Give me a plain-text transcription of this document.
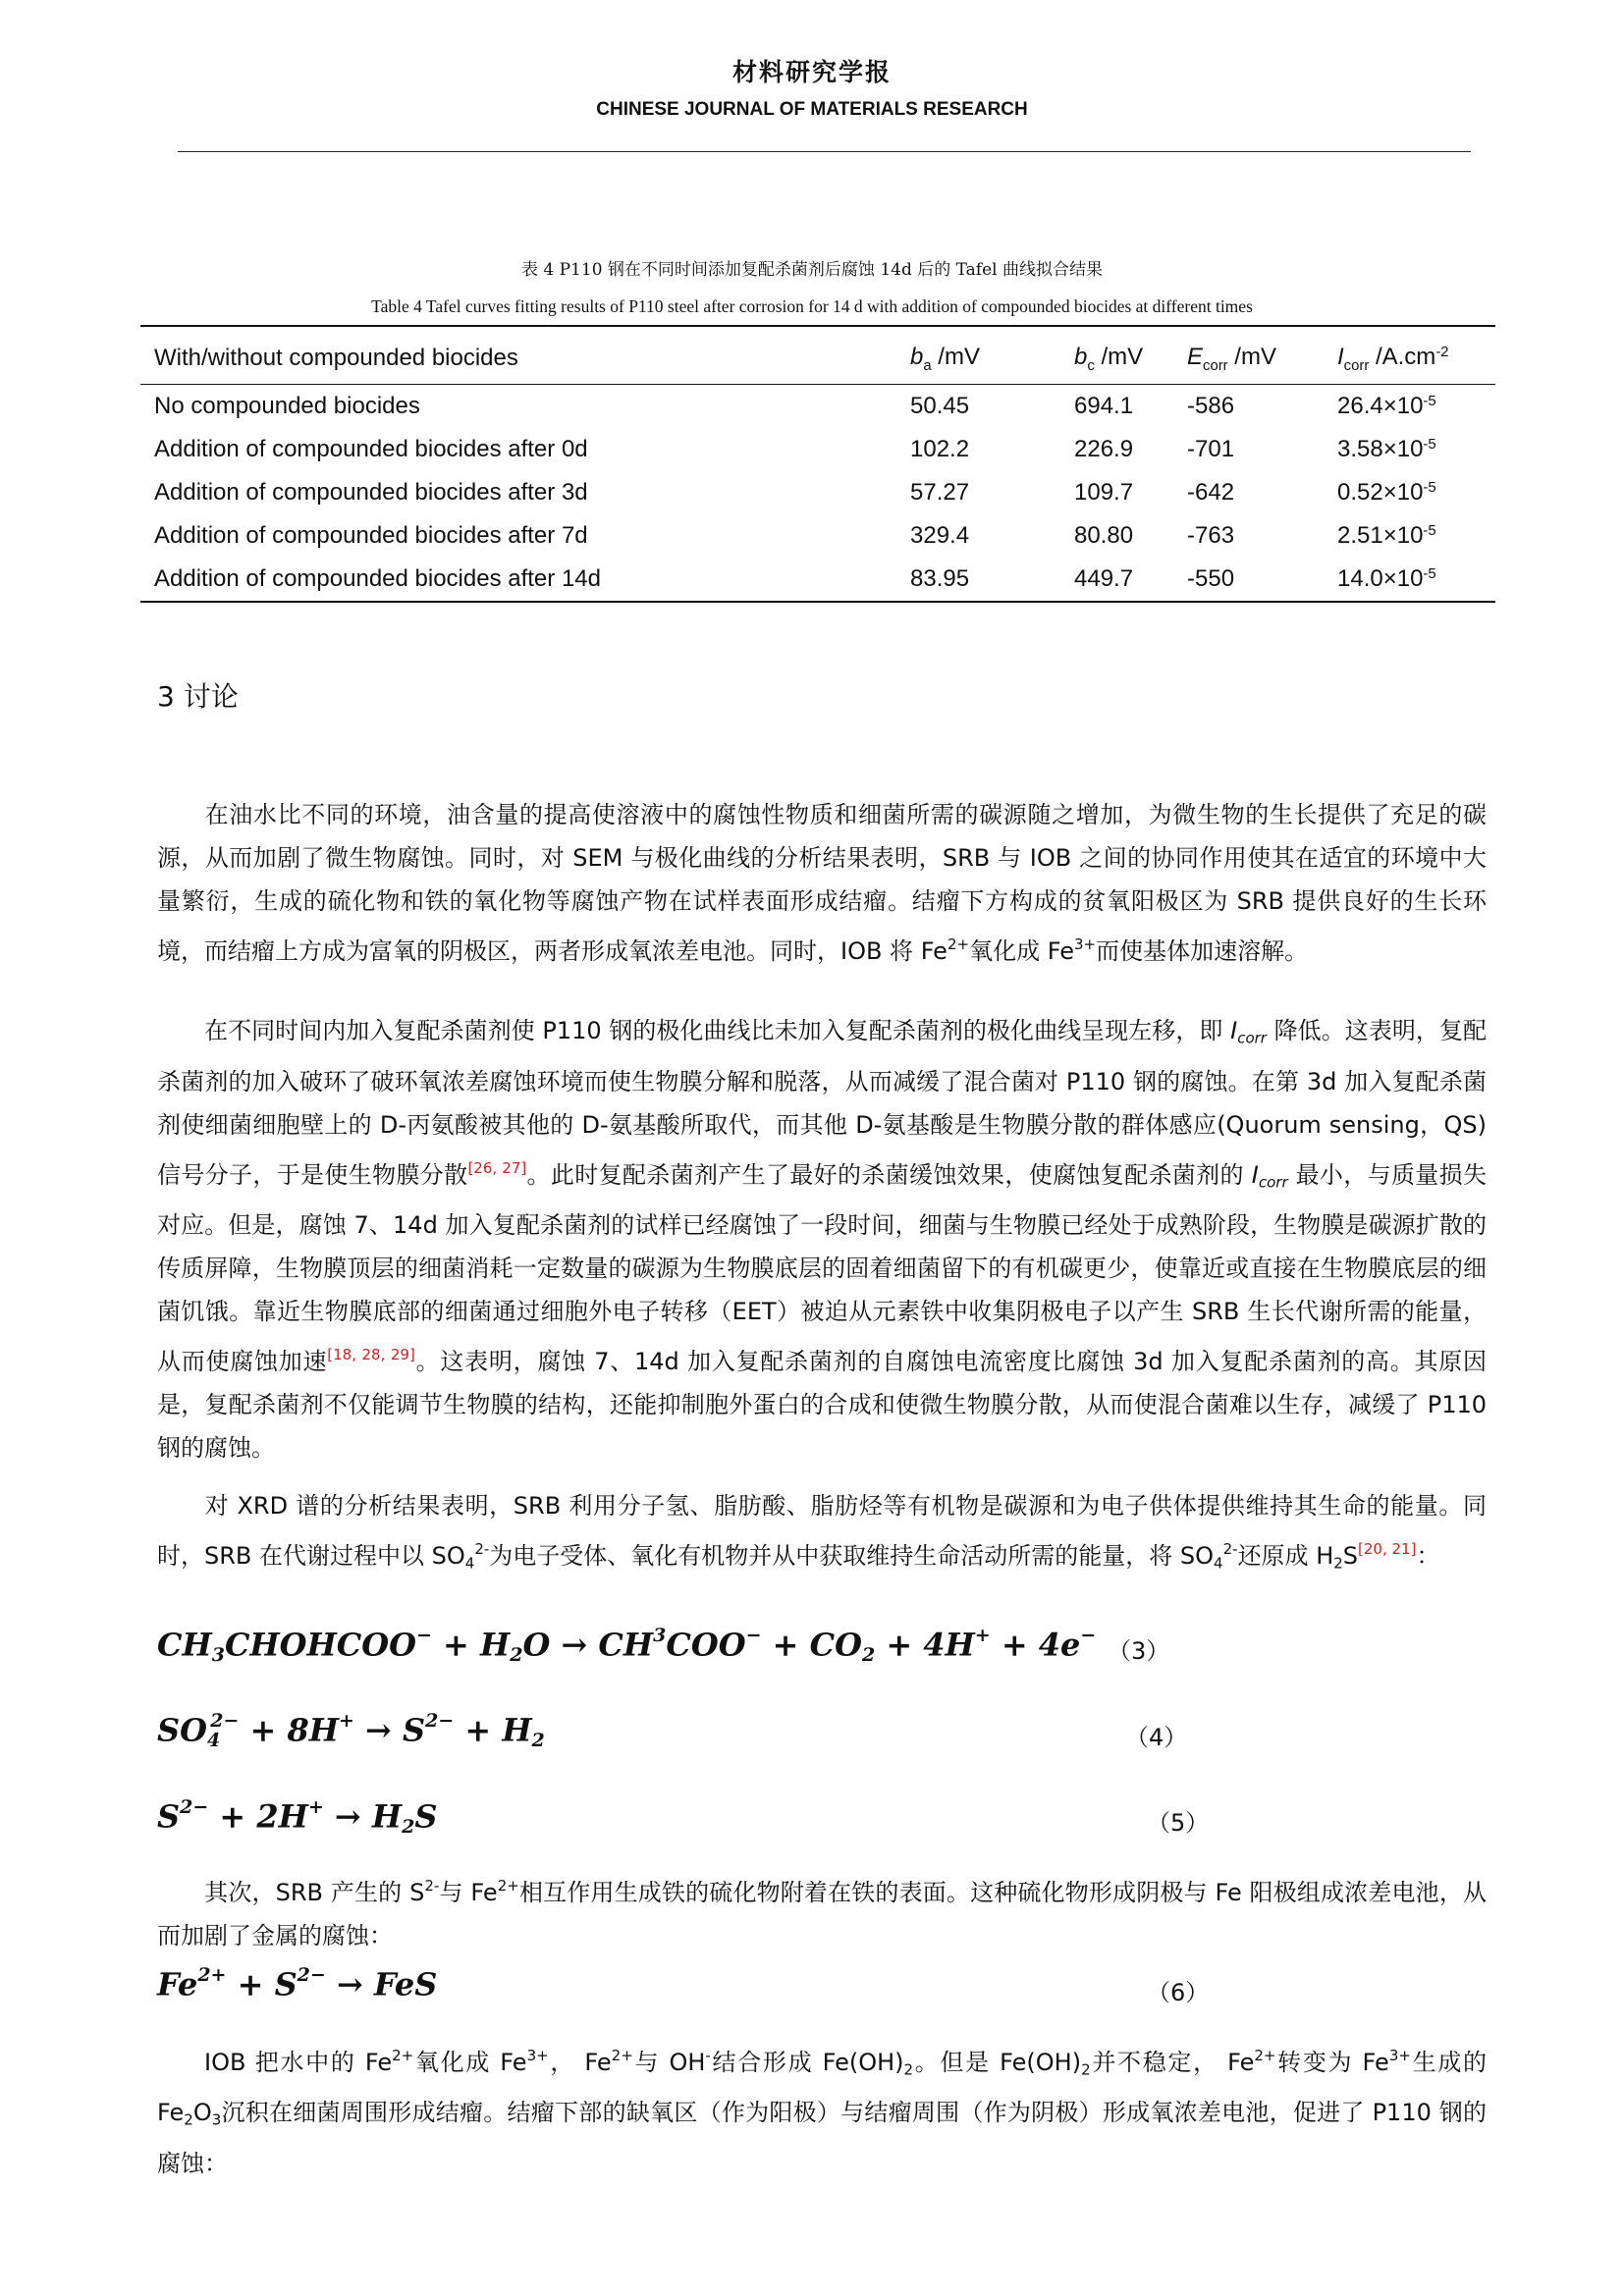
材料研究学报
CHINESE JOURNAL OF MATERIALS RESEARCH
表 4 P110 钢在不同时间添加复配杀菌剂后腐蚀 14d 后的 Tafel 曲线拟合结果
Table 4 Tafel curves fitting results of P110 steel after corrosion for 14 d with addition of compounded biocides at different times
With/without compounded biocides	$b_a$ /mV	$b_c$ /mV	$E_{corr}$ /mV	$I_{corr}$ $/A.cm^{-2}$
No compounded biocides	50.45	694.1	-586	$26.4\times 10^{-5}$
Addition of compounded biocides after 0d	102.2	226.9	-701	$3.58\times 10^{-5}$
Addition of compounded biocides after 3d	57.27	109.7	-642	$0.52\times 10^{-5}$
Addition of compounded biocides after 7d	329.4	80.80	-763	$2.51\times 10^{-5}$
Addition of compounded biocides after 14d	83.95	449.7	-550	$14.0\times 10^{-5}$
3 讨论

  在油水比不同的环境，油含量的提高使溶液中的腐蚀性物质和细菌所需的碳源随之增加，为微生物的生长提供了充足的碳源，从而加剧了微生物腐蚀。同时，对 SEM 与极化曲线的分析结果表明，SRB 与 IOB 之间的协同作用使其在适宜的环境中大量繁衍，生成的硫化物和铁的氧化物等腐蚀产物在试样表面形成结瘤。结瘤下方构成的贫氧阳极区为 SRB 提供良好的生长环境，而结瘤上方成为富氧的阴极区，两者形成氧浓差电池。同时，IOB 将 $Fe^{2+}$氧化成 $Fe^{3+}$而使基体加速溶解。

  在不同时间内加入复配杀菌剂使 P110 钢的极化曲线比未加入复配杀菌剂的极化曲线呈现左移，即 $I_{corr}$ 降低。这表明，复配杀菌剂的加入破环了破环氧浓差腐蚀环境而使生物膜分解和脱落，从而减缓了混合菌对 P110 钢的腐蚀。在第 3d 加入复配杀菌剂使细菌细胞壁上的 D-丙氨酸被其他的 D-氨基酸所取代，而其他 D-氨基酸是生物膜分散的群体感应(Quorum sensing，QS)信号分子，于是使生物膜分散[26, 27]。此时复配杀菌剂产生了最好的杀菌缓蚀效果，使腐蚀复配杀菌剂的 $I_{corr}$ 最小，与质量损失对应。但是，腐蚀 7、14d 加入复配杀菌剂的试样已经腐蚀了一段时间，细菌与生物膜已经处于成熟阶段，生物膜是碳源扩散的传质屏障，生物膜顶层的细菌消耗一定数量的碳源为生物膜底层的固着细菌留下的有机碳更少，使靠近或直接在生物膜底层的细菌饥饿。靠近生物膜底部的细菌通过细胞外电子转移（EET）被迫从元素铁中收集阴极电子以产生 SRB 生长代谢所需的能量，从而使腐蚀加速[18, 28, 29]。这表明，腐蚀 7、14d 加入复配杀菌剂的自腐蚀电流密度比腐蚀 3d 加入复配杀菌剂的高。其原因是，复配杀菌剂不仅能调节生物膜的结构，还能抑制胞外蛋白的合成和使微生物膜分散，从而使混合菌难以生存，减缓了 P110 钢的腐蚀。

  对 XRD 谱的分析结果表明，SRB 利用分子氢、脂肪酸、脂肪烃等有机物是碳源和为电子供体提供维持其生命的能量。同时，SRB 在代谢过程中以 $SO_4^{2-}$为电子受体、氧化有机物并从中获取维持生命活动所需的能量，将 $SO_4^{2-}$还原成 $H_2S[20, 21]$：

$CH_3CHOHCOO^- + H_2O \to CH^3COO^- + CO_2 + 4H^+ + 4e^-$
（3）
$SO_4^{2-} + 8H^+ \to S^{2-} + H_2$	（4）
$S^{2-} + 2H^+ \to H_2S$	（5）

  其次，SRB 产生的 $S^{2-}$与 $Fe^{2+}$相互作用生成铁的硫化物附着在铁的表面。这种硫化物形成阴极与 Fe 阳极组成浓差电池，从而加剧了金属的腐蚀：

$Fe^{2+} + S^{2-}$ → FeS	（6）

  IOB 把水中的 $Fe^{2+}$氧化成 $Fe^{3+}$， $Fe^{2+}$与 OH-结合形成 $Fe(OH)_2$。但是 $Fe(OH)_2$并不稳定， $Fe^{2+}$转变为 $Fe^{3+}$生成的 $Fe_2O_3$沉积在细菌周围形成结瘤。结瘤下部的缺氧区（作为阳极）与结瘤周围（作为阴极）形成氧浓差电池，促进了 P110 钢的腐蚀：
